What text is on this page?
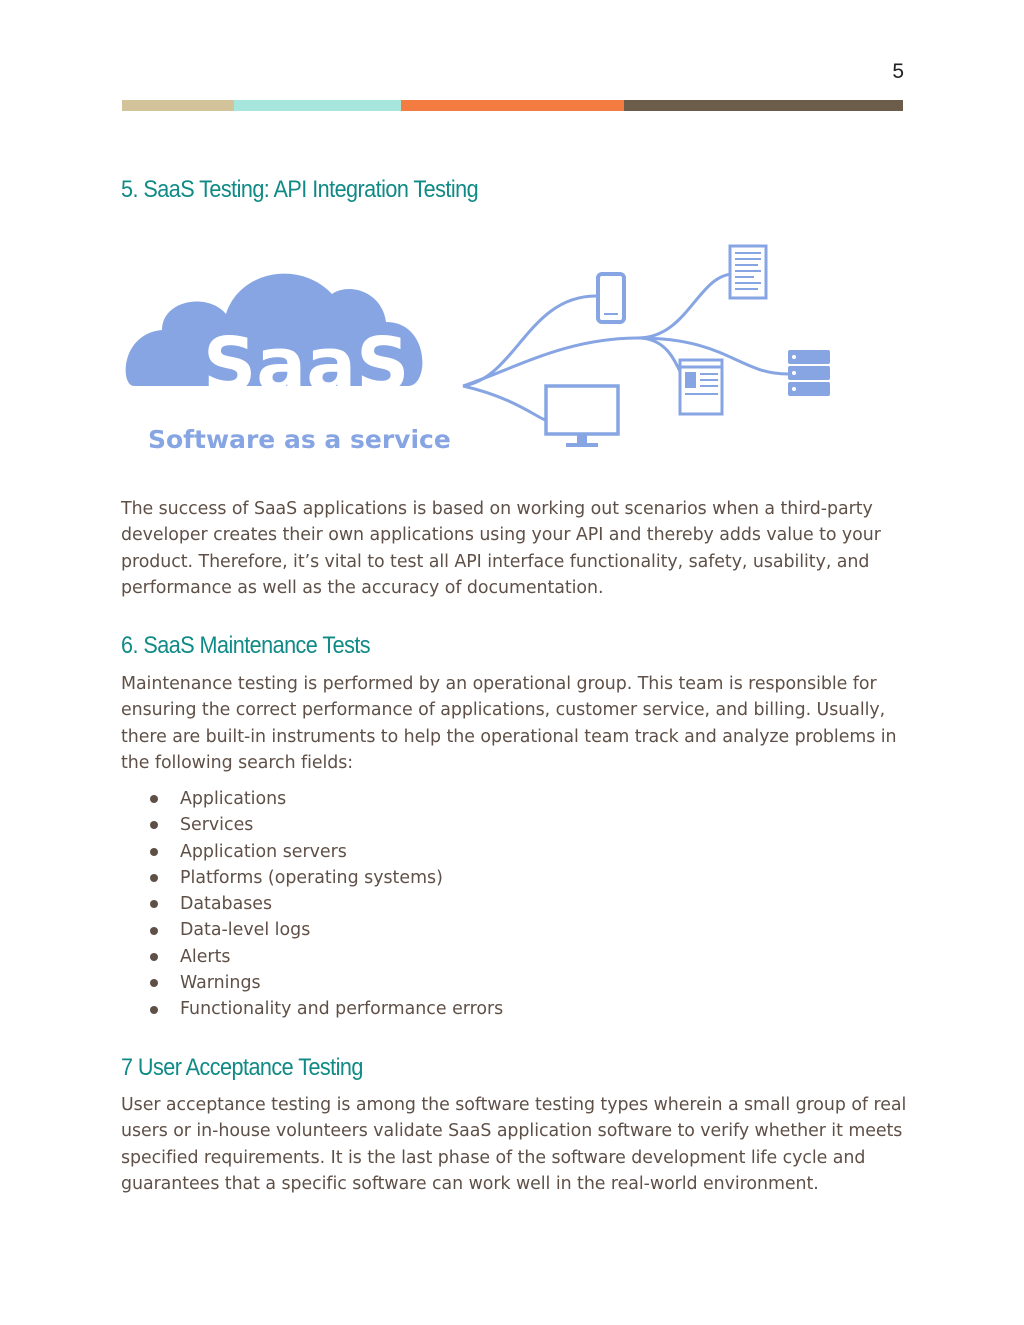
5
5. SaaS Testing: API Integration Testing
SaaS
Software as a service

The success of SaaS applications is based on working out scenarios when a third-party developer creates their own applications using your API and thereby adds value to your product. Therefore, it’s vital to test all API interface functionality, safety, usability, and performance as well as the accuracy of documentation.

6. SaaS Maintenance Tests

Maintenance testing is performed by an operational group. This team is responsible for ensuring the correct performance of applications, customer service, and billing. Usually, there are built-in instruments to help the operational team track and analyze problems in the following search fields:

Applications
Services
Application servers
Platforms (operating systems)
Databases
Data-level logs
Alerts
Warnings
Functionality and performance errors
7 User Acceptance Testing

User acceptance testing is among the software testing types wherein a small group of real users or in-house volunteers validate SaaS application software to verify whether it meets specified requirements. It is the last phase of the software development life cycle and guarantees that a specific software can work well in the real-world environment.
